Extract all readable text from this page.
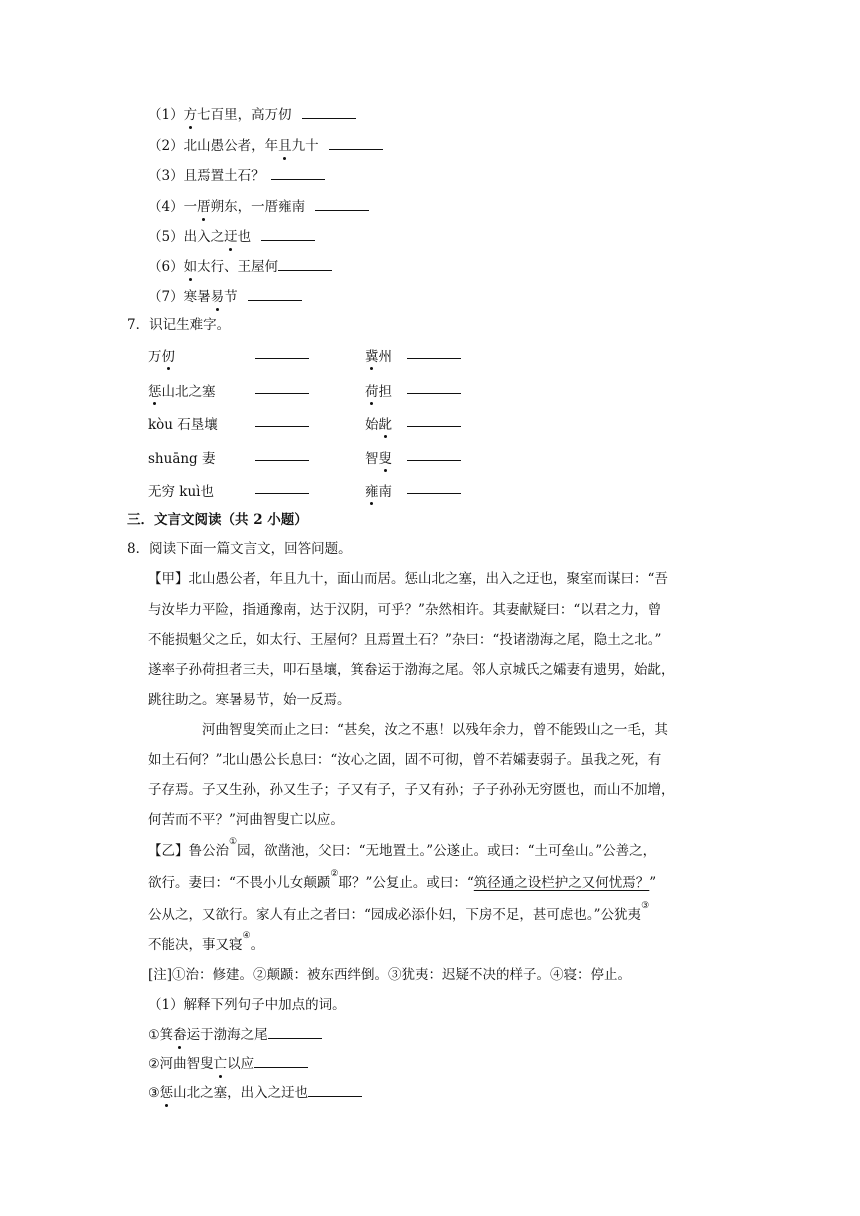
（1）方七百里，高万仞
（2）北山愚公者，年且九十
（3）且焉置土石？
（4）一厝朔东，一厝雍南
（5）出入之迂也
（6）如太行、王屋何
（7）寒暑易节
7．识记生难字。
万仞
惩山北之塞
kòu 石垦壤
shuāng 妻
无穷 kuì也
冀州
荷担
始龀
智叟
雍南
三．文言文阅读（共 2 小题）
8．阅读下面一篇文言文，回答问题。
【甲】北山愚公者，年且九十，面山而居。惩山北之塞，出入之迂也，聚室而谋曰：“吾
与汝毕力平险，指通豫南，达于汉阴，可乎？”杂然相许。其妻献疑曰：“以君之力，曾
不能损魁父之丘，如太行、王屋何？且焉置土石？”杂曰：“投诸渤海之尾，隐土之北。”
遂率子孙荷担者三夫，叩石垦壤，箕畚运于渤海之尾。邻人京城氏之孀妻有遗男，始龀，
跳往助之。寒暑易节，始一反焉。
河曲智叟笑而止之曰：“甚矣，汝之不惠！以残年余力，曾不能毁山之一毛，其
如土石何？”北山愚公长息曰：“汝心之固，固不可彻，曾不若孀妻弱子。虽我之死，有
子存焉。子又生孙，孙又生子；子又有子，子又有孙；子子孙孙无穷匮也，而山不加增，
何苦而不平？”河曲智叟亡以应。
【乙】鲁公治①园，欲凿池，父曰：“无地置土。”公遂止。或曰：“土可垒山。”公善之，
欲行。妻曰：“不畏小儿女颠踬②耶？”公复止。或曰：“筑径通之设栏护之又何忧焉？”
公从之，又欲行。家人有止之者曰：“园成必添仆妇，下房不足，甚可虑也。”公犹夷③
不能决，事又寝④。
[注]①治：修建。②颠踬：被东西绊倒。③犹夷：迟疑不决的样子。④寝：停止。
（1）解释下列句子中加点的词。
①箕畚运于渤海之尾
②河曲智叟亡以应
③惩山北之塞，出入之迂也
